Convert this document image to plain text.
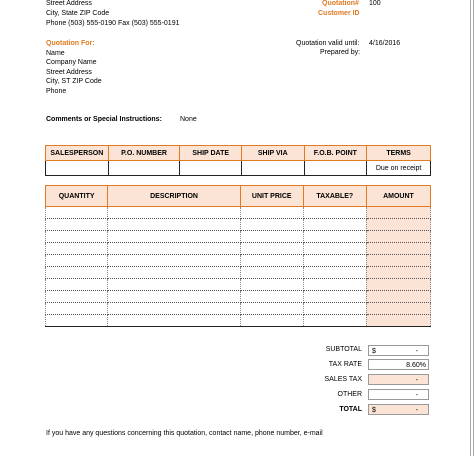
Street Address
City, State ZIP Code
Phone (503) 555-0190 Fax (503) 555-0191
Quotation# 100
Customer ID
Quotation valid until: 4/16/2016
Prepared by:
Quotation For:
Name
Company Name
Street Address
City, ST ZIP Code
Phone
Comments or Special Instructions:	None
SALESPERSON	P.O. NUMBER	SHIP DATE	SHIP VIA	F.O.B. POINT	TERMS
					Due on receipt
QUANTITY	DESCRIPTION	UNIT PRICE	TAXABLE?	AMOUNT

SUBTOTAL $	-
TAX RATE	8.60%
SALES TAX	-
OTHER	-
TOTAL $	-
If you have any questions concerning this quotation, contact name, phone number, e-mail
